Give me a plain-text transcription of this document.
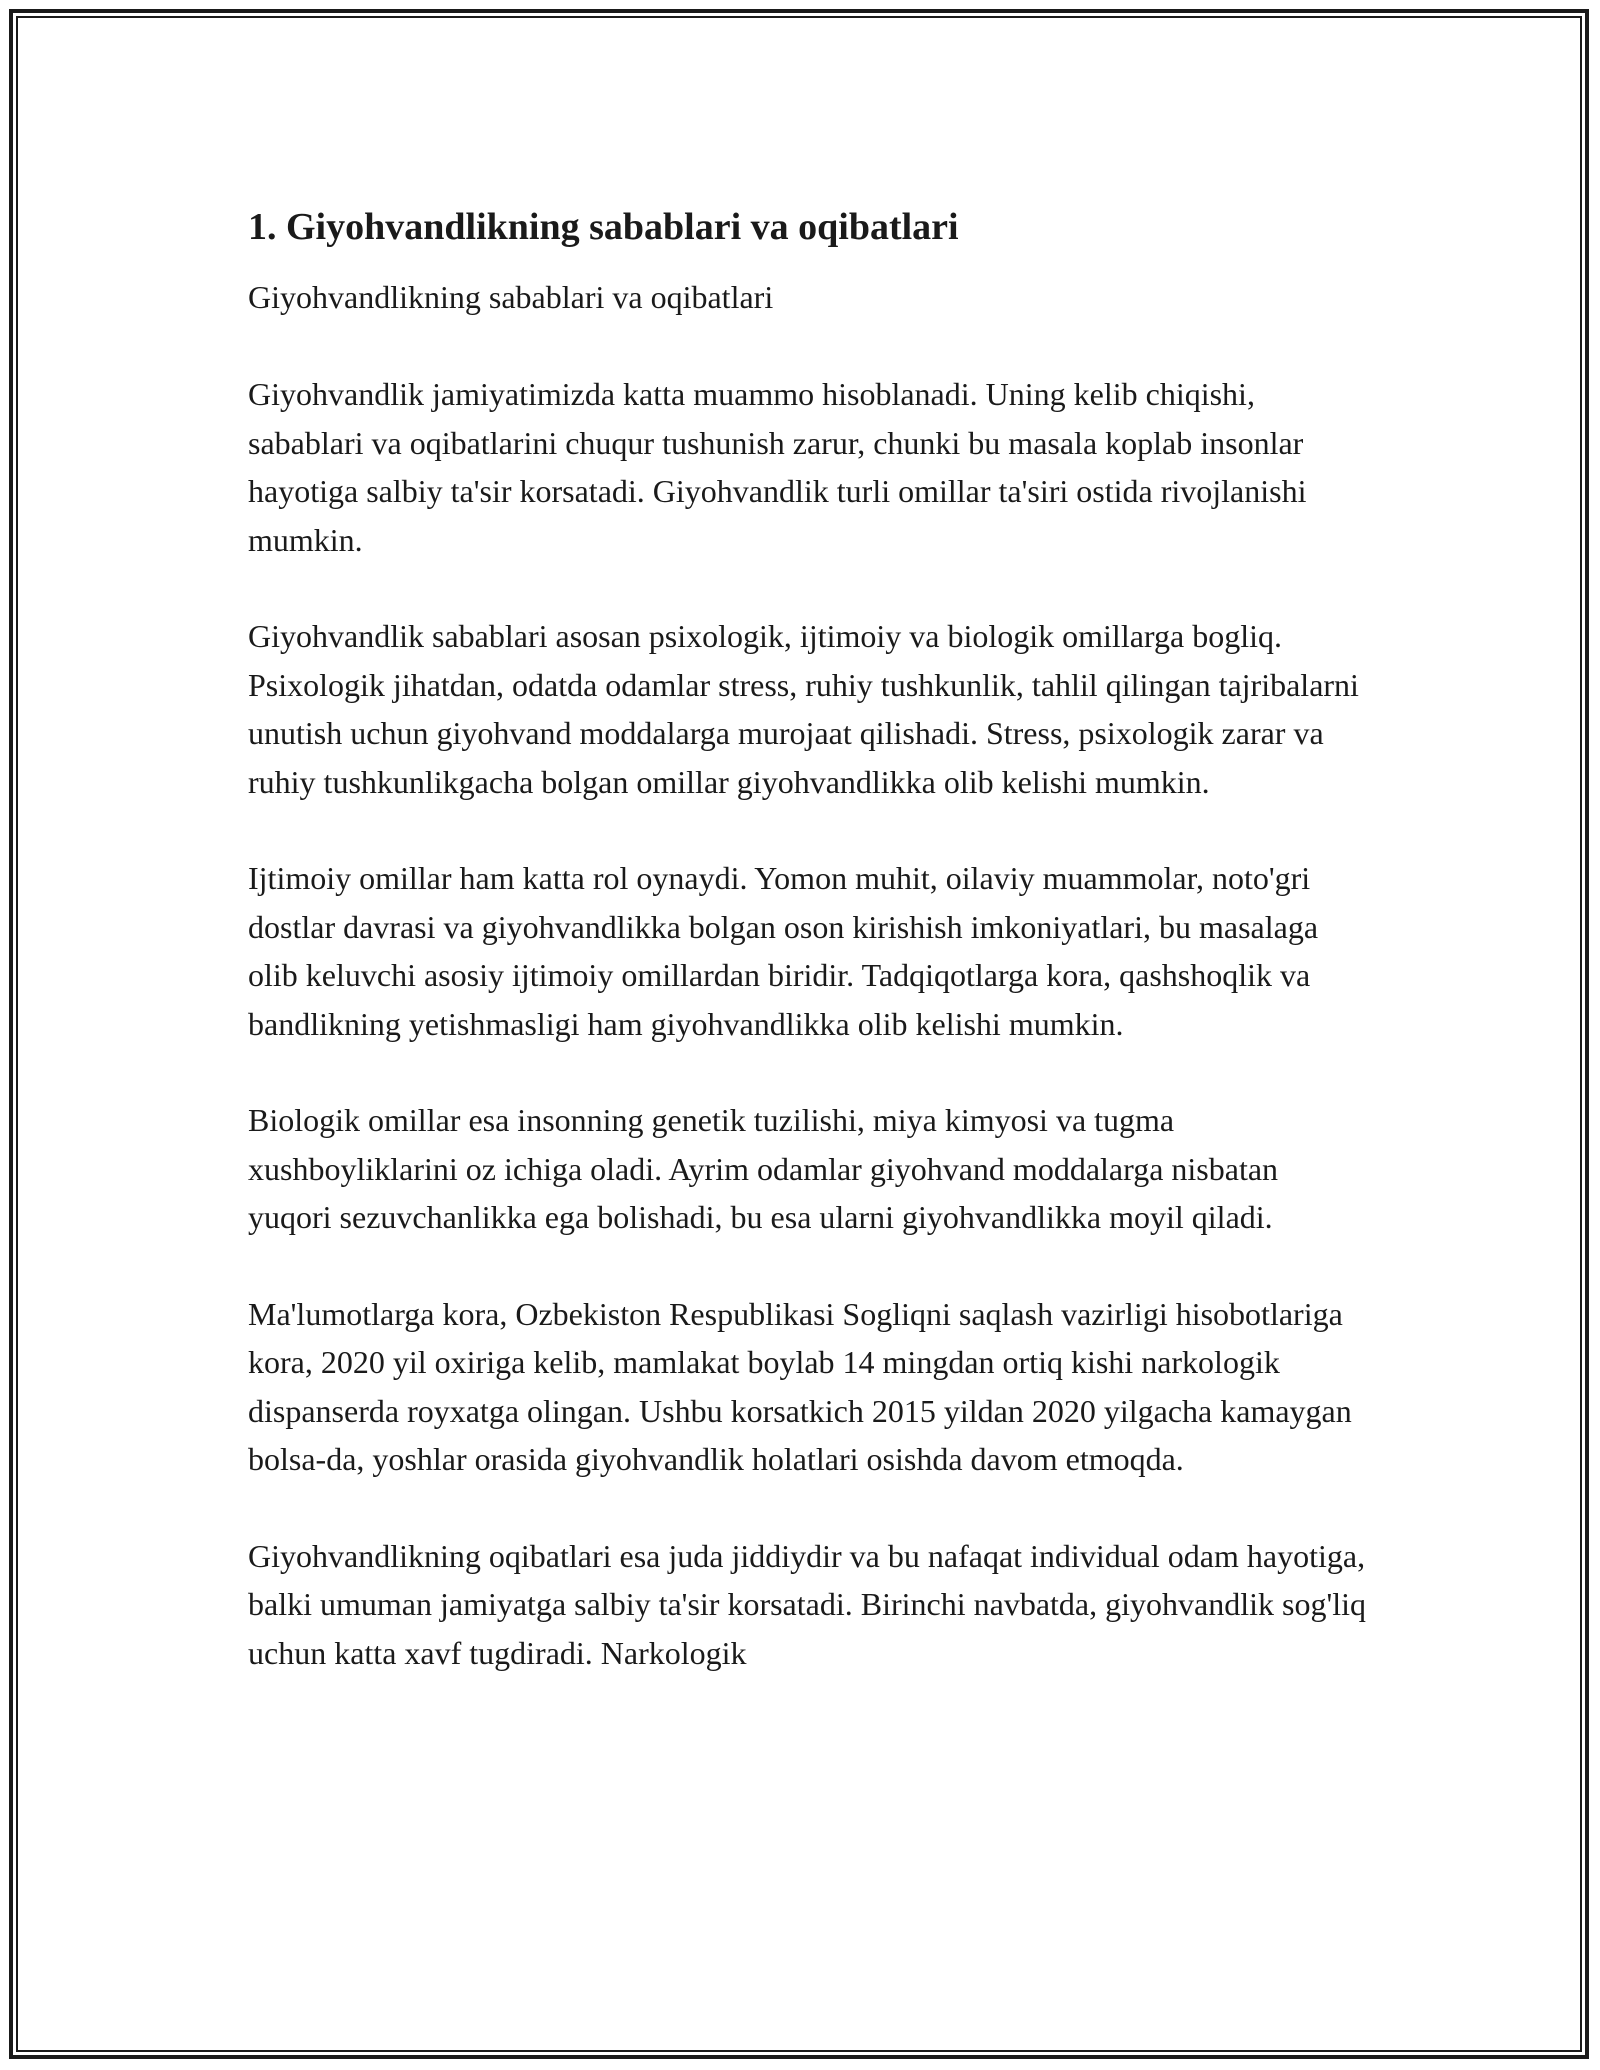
1. Giyohvandlikning sabablari va oqibatlari

Giyohvandlikning sabablari va oqibatlari

Giyohvandlik jamiyatimizda katta muammo hisoblanadi. Uning kelib chiqishi, sabablari va oqibatlarini chuqur tushunish zarur, chunki bu masala koplab insonlar hayotiga salbiy ta'sir korsatadi. Giyohvandlik turli omillar ta'siri ostida rivojlanishi mumkin.

Giyohvandlik sabablari asosan psixologik, ijtimoiy va biologik omillarga bogliq. Psixologik jihatdan, odatda odamlar stress, ruhiy tushkunlik, tahlil qilingan tajribalarni unutish uchun giyohvand moddalarga murojaat qilishadi. Stress, psixologik zarar va ruhiy tushkunlikgacha bolgan omillar giyohvandlikka olib kelishi mumkin.

Ijtimoiy omillar ham katta rol oynaydi. Yomon muhit, oilaviy muammolar, noto'gri dostlar davrasi va giyohvandlikka bolgan oson kirishish imkoniyatlari, bu masalaga olib keluvchi asosiy ijtimoiy omillardan biridir. Tadqiqotlarga kora, qashshoqlik va bandlikning yetishmasligi ham giyohvandlikka olib kelishi mumkin.

Biologik omillar esa insonning genetik tuzilishi, miya kimyosi va tugma xushboyliklarini oz ichiga oladi. Ayrim odamlar giyohvand moddalarga nisbatan yuqori sezuvchanlikka ega bolishadi, bu esa ularni giyohvandlikka moyil qiladi.

Ma'lumotlarga kora, Ozbekiston Respublikasi Sogliqni saqlash vazirligi hisobotlariga kora, 2020 yil oxiriga kelib, mamlakat boylab 14 mingdan ortiq kishi narkologik dispanserda royxatga olingan. Ushbu korsatkich 2015 yildan 2020 yilgacha kamaygan bolsa-da, yoshlar orasida giyohvandlik holatlari osishda davom etmoqda.

Giyohvandlikning oqibatlari esa juda jiddiydir va bu nafaqat individual odam hayotiga, balki umuman jamiyatga salbiy ta'sir korsatadi. Birinchi navbatda, giyohvandlik sog'liq uchun katta xavf tugdiradi. Narkologik
